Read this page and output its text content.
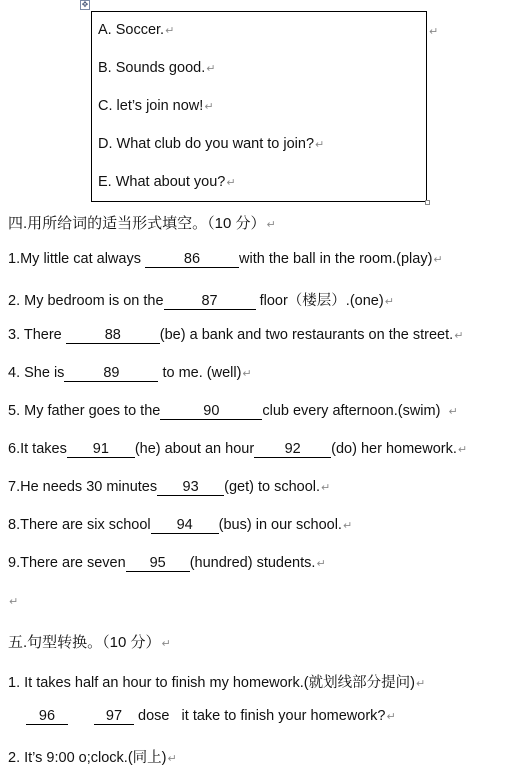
✥
↵
A. Soccer.↵
B. Sounds good.↵
C. let’s join now!↵
D. What club do you want to join?↵
E. What about you?↵
四.用所给词的适当形式填空。（10 分）↵
1.My little cat always	86	with the ball in the room.(play)↵
2. My bedroom is on the	87	floor（楼层）.(one)↵
3. There	88	(be) a bank and two restaurants on the street.↵
4. She is	89	to me. (well)↵
5. My father goes to the	90	club every afternoon.(swim) ↵
6.It takes 91 (he) about an hour 92 (do) her homework.↵
7.He needs 30 minutes 93 (get) to school.↵
8.There are six school 94 (bus) in our school.↵
9.There are seven 95 (hundred) students.↵
↵
五.句型转换。（10 分）↵
1. It takes half an hour to finish my homework.(就划线部分提问)↵
96	97 dose   it take to finish your homework?↵
2. It’s 9:00 o;clock.(同上)↵
